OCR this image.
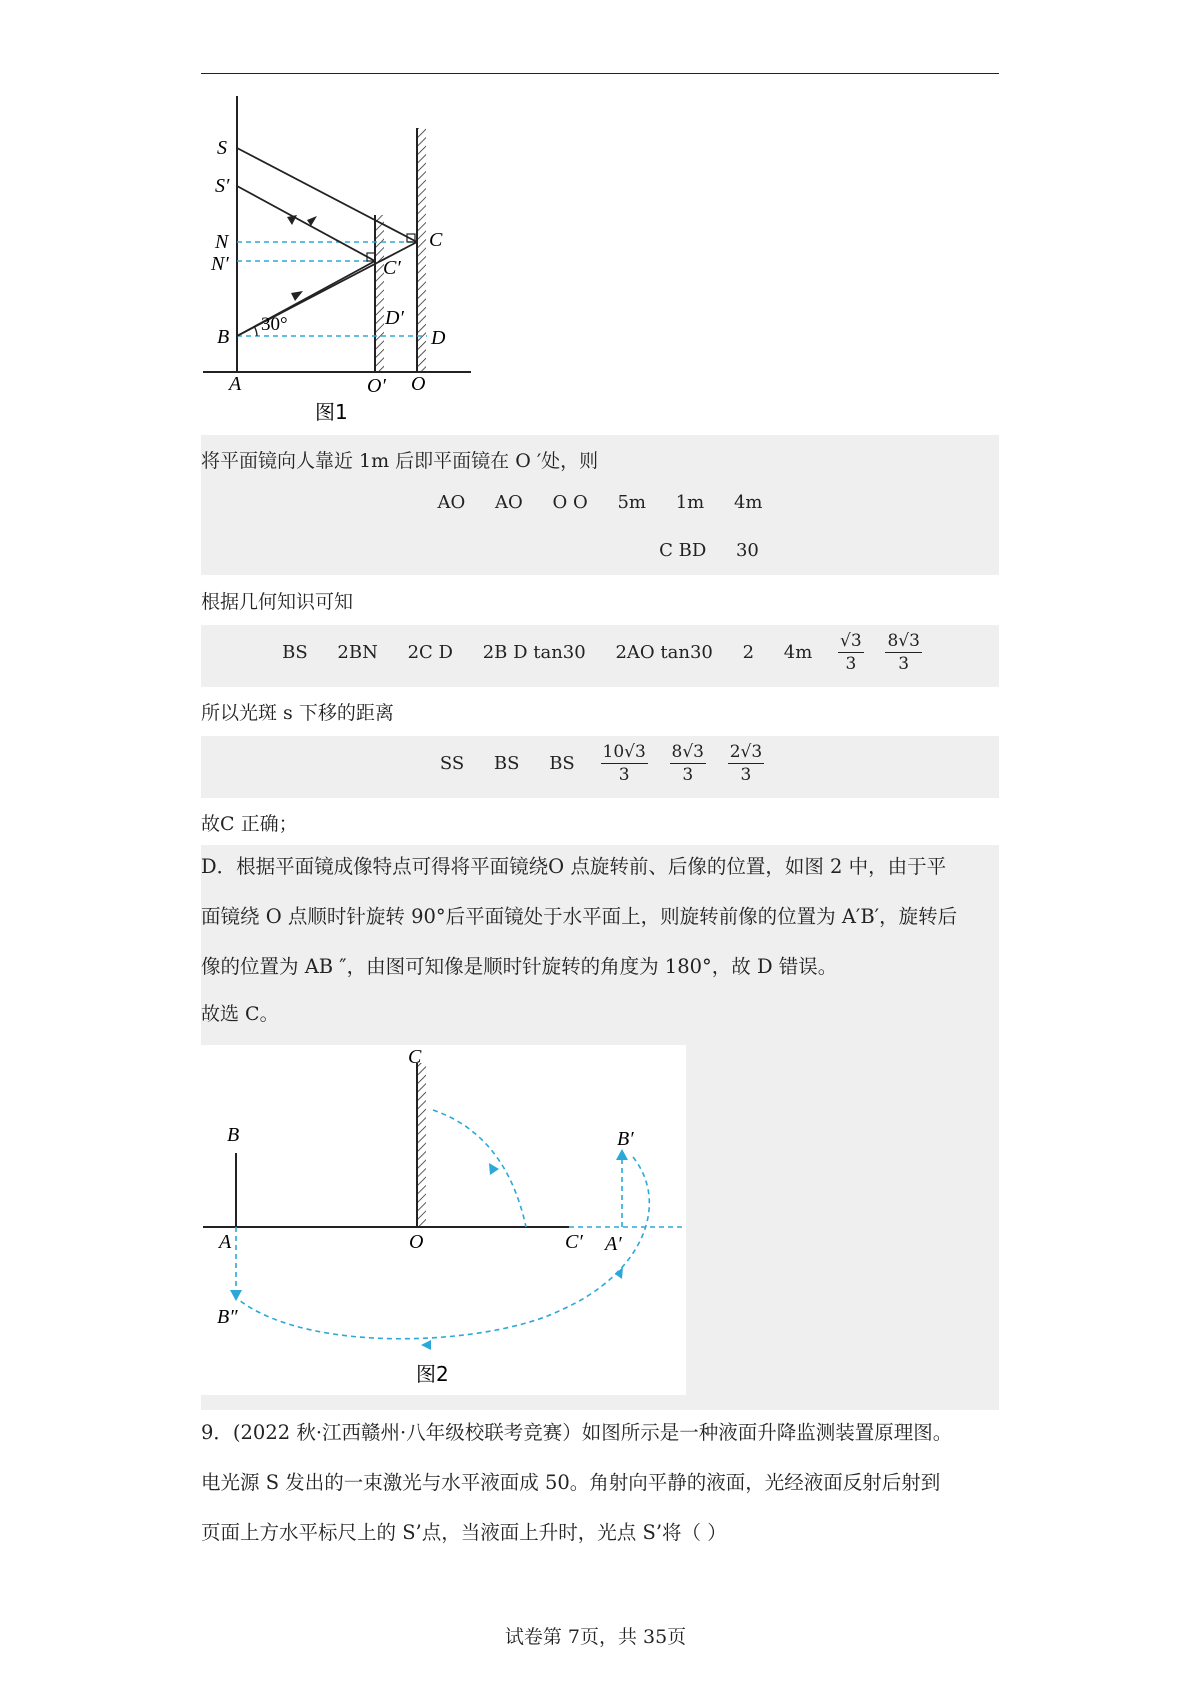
S
S′
N
N′
B
30°
C
C′
D′
D
A	O′ O
图1
将平面镜向人靠近 1m 后即平面镜在 O ′处，则
AO AO O O 5m 1m 4m
C BD 30
根据几何知识可知
BS 2BN 2C D 2B D tan30 2AO tan30 2 $4m \frac{√3}{3}$
$\frac{8√3}{3}$
所以光斑 s 下移的距离
SS BS BS $\frac{10√3}{3}$
$\frac{8√3}{3}$
$\frac{2√3}{3}$
故C 正确；
D．根据平面镜成像特点可得将平面镜绕O 点旋转前、后像的位置，如图 2 中，由于平
面镜绕 O 点顺时针旋转 90°后平面镜处于水平面上，则旋转前像的位置为 A′B′，旋转后
像的位置为 AB ″，由图可知像是顺时针旋转的角度为 180°，故 D 错误。
故选 C。
C
B	B′
A	O	C′ A′
B″
图2
9．(2022 秋·江西赣州·八年级校联考竞赛）如图所示是一种液面升降监测装置原理图。
电光源 S 发出的一束激光与水平液面成 50。角射向平静的液面，光经液面反射后射到
页面上方水平标尺上的 S’点，当液面上升时，光点 S’将（ ）
试卷第 7页，共 35页
